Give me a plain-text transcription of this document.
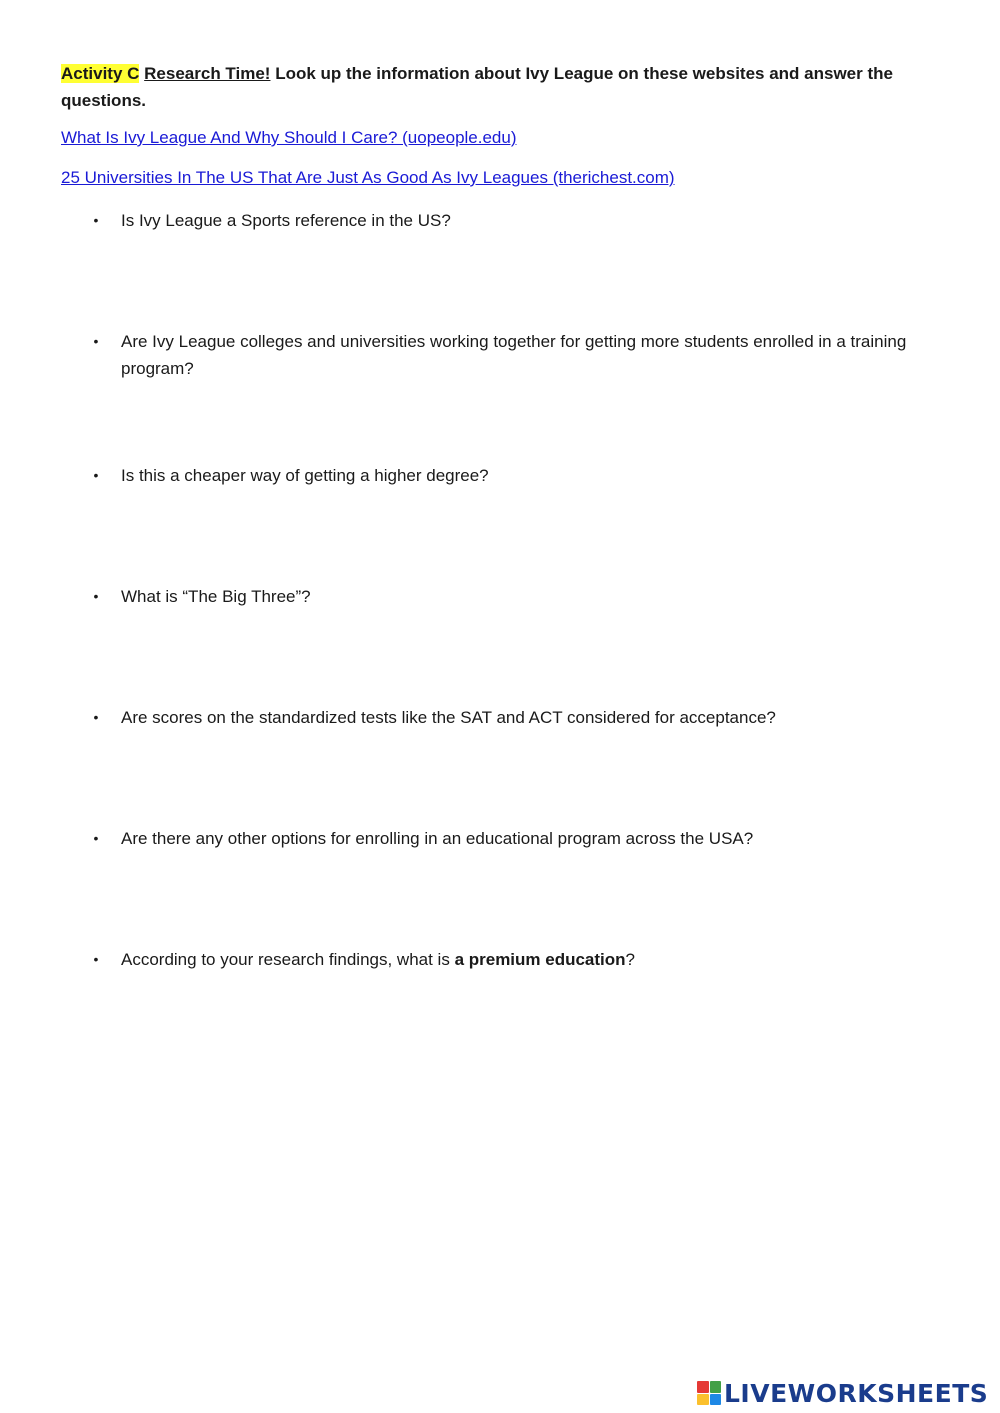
Activity C Research Time! Look up the information about Ivy League on these websites and answer the questions.
What Is Ivy League And Why Should I Care? (uopeople.edu)
25 Universities In The US That Are Just As Good As Ivy Leagues (therichest.com)
• Is Ivy League a Sports reference in the US?
• Are Ivy League colleges and universities working together for getting more students enrolled in a training program?
• Is this a cheaper way of getting a higher degree?
• What is “The Big Three”?
• Are scores on the standardized tests like the SAT and ACT considered for acceptance?
• Are there any other options for enrolling in an educational program across the USA?
• According to your research findings, what is a premium education?
LIVEWORKSHEETS
